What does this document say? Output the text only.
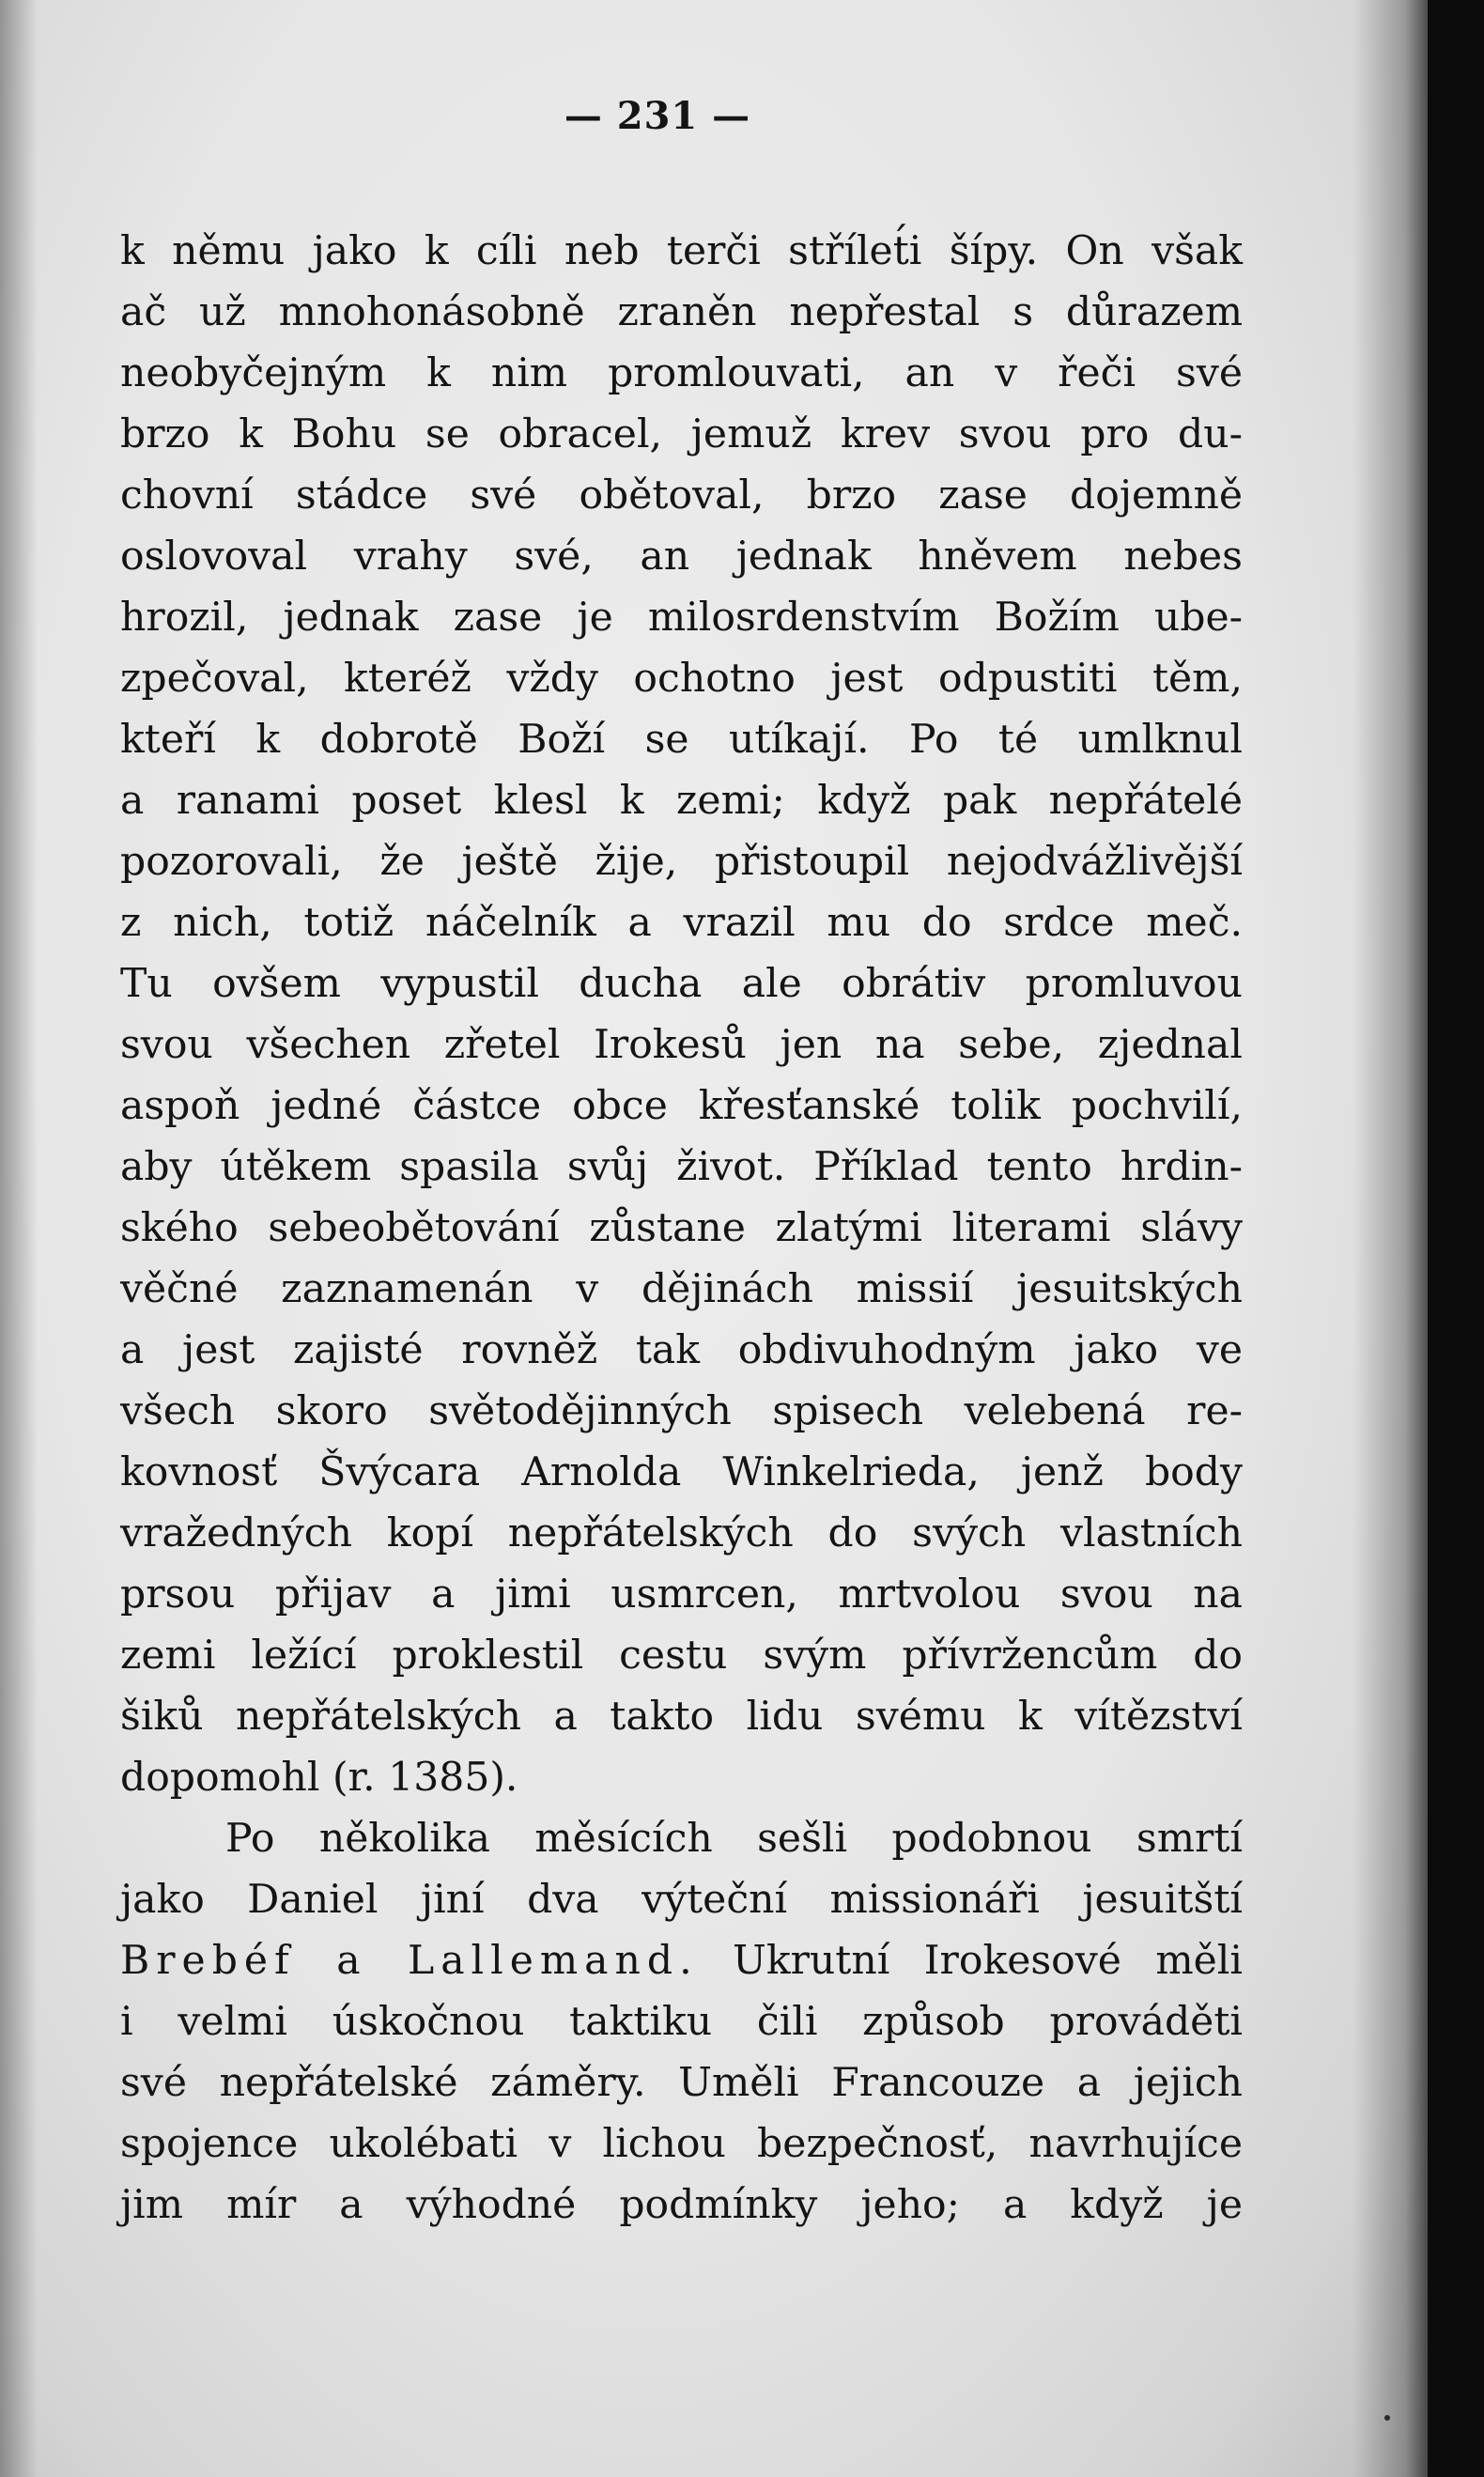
— 231 —
k němu jako k cíli neb terči střílet́i šípy. On však
ač už mnohonásobně zraněn nepřestal s důrazem
neobyčejným k nim promlouvati, an v řeči své
brzo k Bohu se obracel, jemuž krev svou pro du-
chovní stádce své obětoval, brzo zase dojemně
oslovoval vrahy své, an jednak hněvem nebes
hrozil, jednak zase je milosrdenstvím Božím ube-
zpečoval, kteréž vždy ochotno jest odpustiti těm,
kteří k dobrotě Boží se utíkají. Po té umlknul
a ranami poset klesl k zemi; když pak nepřátelé
pozorovali, že ještě žije, přistoupil nejodvážlivější
z nich, totiž náčelník a vrazil mu do srdce meč.
Tu ovšem vypustil ducha ale obrátiv promluvou
svou všechen zřetel Irokesů jen na sebe, zjednal
aspoň jedné částce obce křesťanské tolik pochvilí,
aby útěkem spasila svůj život. Příklad tento hrdin-
ského sebeobětování zůstane zlatými literami slávy
věčné zaznamenán v dějinách missií jesuitských
a jest zajisté rovněž tak obdivuhodným jako ve
všech skoro světodějinných spisech velebená re-
kovnosť Švýcara Arnolda Winkelrieda, jenž body
vražedných kopí nepřátelských do svých vlastních
prsou přijav a jimi usmrcen, mrtvolou svou na
zemi ležící proklestil cestu svým přívržencům do
šiků nepřátelských a takto lidu svému k vítězství
dopomohl (r. 1385).
Po několika měsících sešli podobnou smrtí
jako Daniel jiní dva výteční missionáři jesuitští
Brebéf a Lallemand. Ukrutní Irokesové měli
i velmi úskočnou taktiku čili způsob prováděti
své nepřátelské záměry. Uměli Francouze a jejich
spojence ukolébati v lichou bezpečnosť, navrhujíce
jim mír a výhodné podmínky jeho; a když je
